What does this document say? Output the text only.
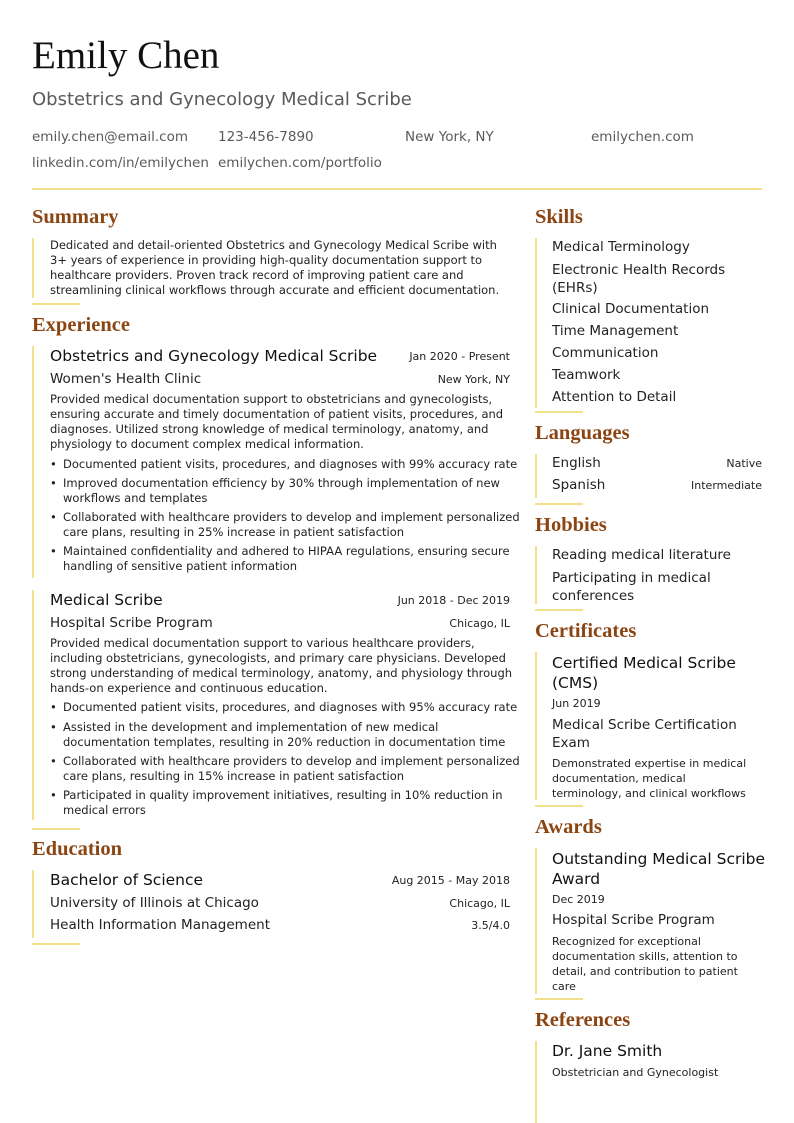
Emily Chen
Obstetrics and Gynecology Medical Scribe
emily.chen@email.com 123-456-7890	New York, NY	emilychen.com
linkedin.com/in/emilychen emilychen.com/portfolio
Summary
Dedicated and detail-oriented Obstetrics and Gynecology Medical Scribe with
3+ years of experience in providing high-quality documentation support to
healthcare providers. Proven track record of improving patient care and
streamlining clinical workflows through accurate and efficient documentation.
Experience
Obstetrics and Gynecology Medical Scribe	Jan 2020 - Present
Women's Health Clinic	New York, NY
Provided medical documentation support to obstetricians and gynecologists,
ensuring accurate and timely documentation of patient visits, procedures, and
diagnoses. Utilized strong knowledge of medical terminology, anatomy, and
physiology to document complex medical information.
• Documented patient visits, procedures, and diagnoses with 99% accuracy rate
• Improved documentation efficiency by 30% through implementation of new
workflows and templates
• Collaborated with healthcare providers to develop and implement personalized
care plans, resulting in 25% increase in patient satisfaction
• Maintained confidentiality and adhered to HIPAA regulations, ensuring secure
handling of sensitive patient information
Medical Scribe	Jun 2018 - Dec 2019
Hospital Scribe Program	Chicago, IL
Provided medical documentation support to various healthcare providers,
including obstetricians, gynecologists, and primary care physicians. Developed
strong understanding of medical terminology, anatomy, and physiology through
hands-on experience and continuous education.
• Documented patient visits, procedures, and diagnoses with 95% accuracy rate
• Assisted in the development and implementation of new medical
documentation templates, resulting in 20% reduction in documentation time
• Collaborated with healthcare providers to develop and implement personalized
care plans, resulting in 15% increase in patient satisfaction
• Participated in quality improvement initiatives, resulting in 10% reduction in
medical errors
Education
Bachelor of Science	Aug 2015 - May 2018
University of Illinois at Chicago	Chicago, IL
Health Information Management	3.5/4.0
Skills
Medical Terminology
Electronic Health Records
(EHRs)
Clinical Documentation
Time Management
Communication
Teamwork
Attention to Detail
Languages
English	Native
Spanish	Intermediate
Hobbies
Reading medical literature
Participating in medical
conferences
Certificates
Certified Medical Scribe
(CMS)
Jun 2019
Medical Scribe Certification
Exam
Demonstrated expertise in medical
documentation, medical
terminology, and clinical workflows
Awards
Outstanding Medical Scribe
Award
Dec 2019
Hospital Scribe Program
Recognized for exceptional
documentation skills, attention to
detail, and contribution to patient
care
References
Dr. Jane Smith
Obstetrician and Gynecologist
